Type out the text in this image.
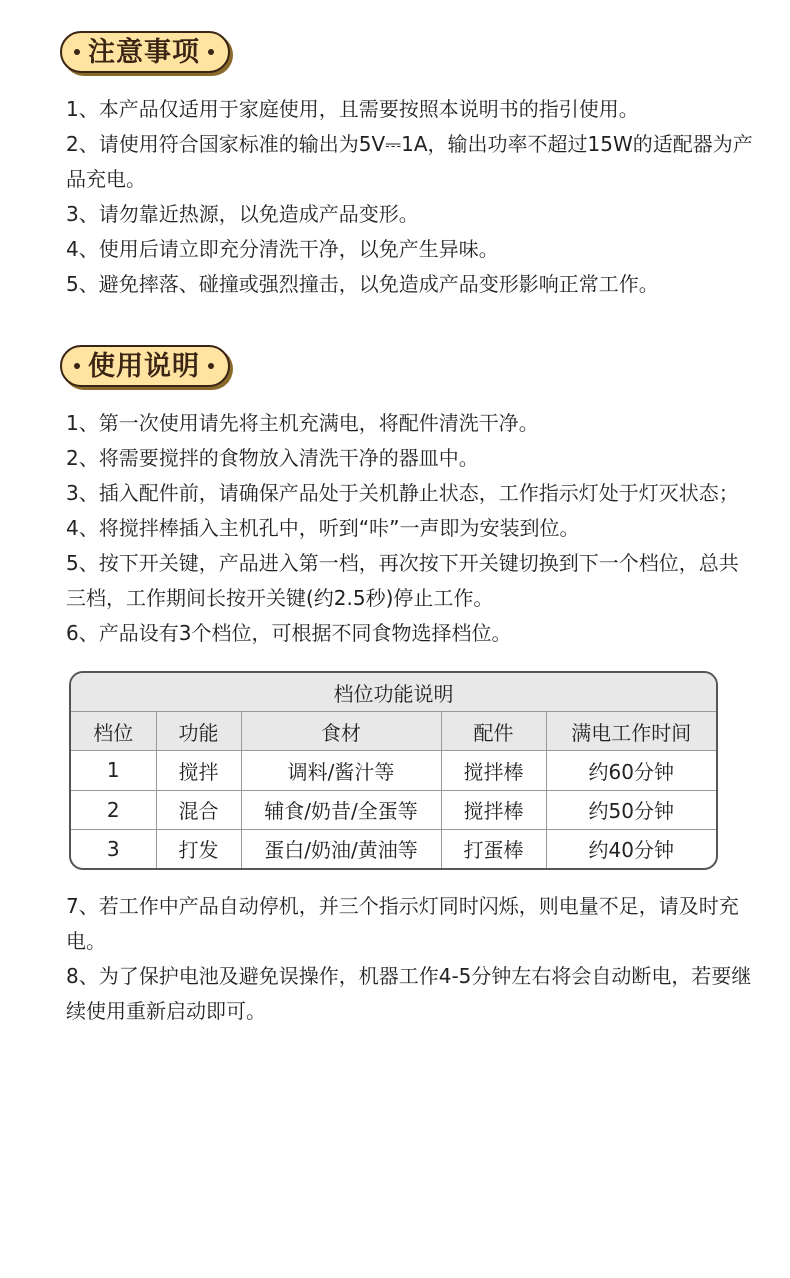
注意事项

1、本产品仅适用于家庭使用，且需要按照本说明书的指引使用。

2、请使用符合国家标准的输出为5V⎓1A，输出功率不超过15W的适配器为产品充电。

3、请勿靠近热源，以免造成产品变形。

4、使用后请立即充分清洗干净，以免产生异味。

5、避免摔落、碰撞或强烈撞击，以免造成产品变形影响正常工作。

使用说明

1、第一次使用请先将主机充满电，将配件清洗干净。

2、将需要搅拌的食物放入清洗干净的器皿中。

3、插入配件前，请确保产品处于关机静止状态，工作指示灯处于灯灭状态；

4、将搅拌棒插入主机孔中，听到“咔”一声即为安装到位。

5、按下开关键，产品进入第一档，再次按下开关键切换到下一个档位，总共三档，工作期间长按开关键(约2.5秒)停止工作。

6、产品设有3个档位，可根据不同食物选择档位。

档位功能说明				
档位	功能	食材	配件	满电工作时间
1	搅拌	调料/酱汁等	搅拌棒	约60分钟
2	混合	辅食/奶昔/全蛋等	搅拌棒	约50分钟
3	打发	蛋白/奶油/黄油等	打蛋棒	约40分钟

7、若工作中产品自动停机，并三个指示灯同时闪烁，则电量不足，请及时充电。

8、为了保护电池及避免误操作，机器工作4-5分钟左右将会自动断电，若要继续使用重新启动即可。
